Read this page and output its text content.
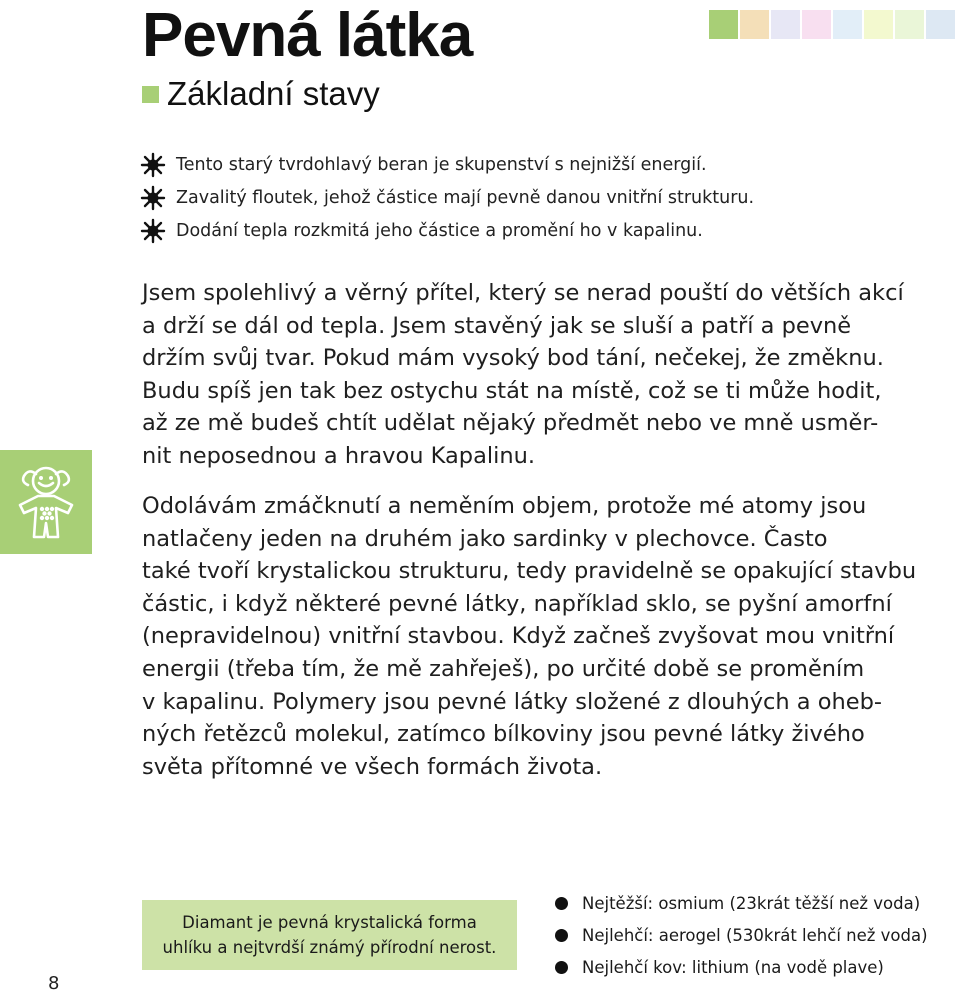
Pevná látka
Základní stavy
Tento starý tvrdohlavý beran je skupenství s nejnižší energií.
Zavalitý floutek, jehož částice mají pevně danou vnitřní strukturu.
Dodání tepla rozkmitá jeho částice a promění ho v kapalinu.

Jsem spolehlivý a věrný přítel, který se nerad pouští do větších akcí
a drží se dál od tepla. Jsem stavěný jak se sluší a patří a pevně
držím svůj tvar. Pokud mám vysoký bod tání, nečekej, že změknu.
Budu spíš jen tak bez ostychu stát na místě, což se ti může hodit,
až ze mě budeš chtít udělat nějaký předmět nebo ve mně usměr-
nit neposednou a hravou Kapalinu.

Odolávám zmáčknutí a neměním objem, protože mé atomy jsou
natlačeny jeden na druhém jako sardinky v plechovce. Často
také tvoří krystalickou strukturu, tedy pravidelně se opakující stavbu
částic, i když některé pevné látky, například sklo, se pyšní amorfní
(nepravidelnou) vnitřní stavbou. Když začneš zvyšovat mou vnitřní
energii (třeba tím, že mě zahřeješ), po určité době se proměním
v kapalinu. Polymery jsou pevné látky složené z dlouhých a oheb-
ných řetězců molekul, zatímco bílkoviny jsou pevné látky živého
světa přítomné ve všech formách života.

Diamant je pevná krystalická forma
uhlíku a nejtvrdší známý přírodní nerost.
Nejtěžší: osmium (23krát těžší než voda)
Nejlehčí: aerogel (530krát lehčí než voda)
Nejlehčí kov: lithium (na vodě plave)
8
